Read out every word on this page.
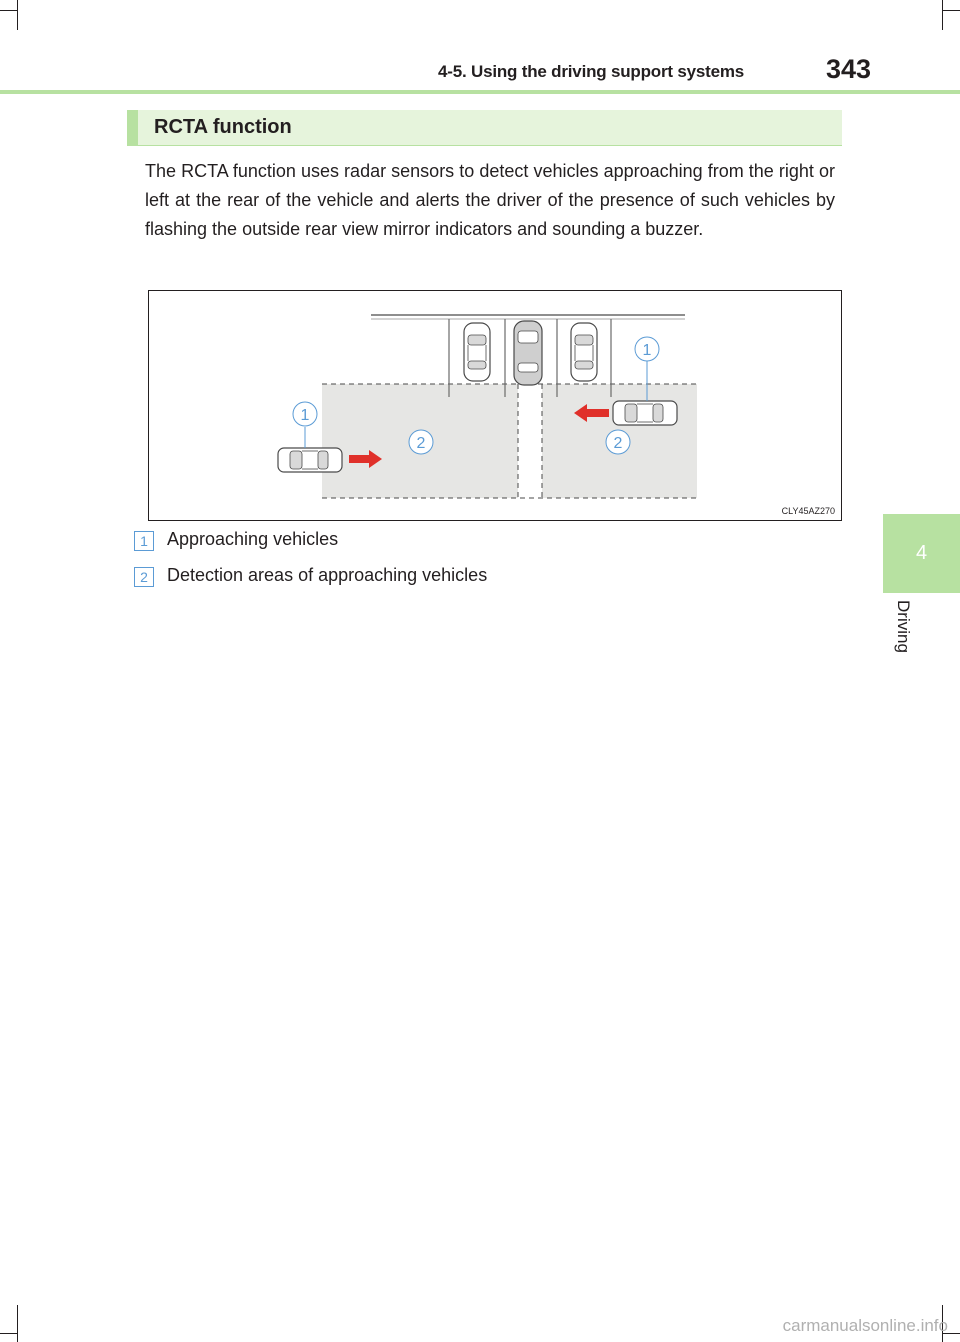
4-5. Using the driving support systems	343
4
Driving
RCTA function
The RCTA function uses radar sensors to detect vehicles approaching from the right or left at the rear of the vehicle and alerts the driver of the presence of such vehicles by flashing the outside rear view mirror indicators and sounding a buzzer.
1
1
2	2
CLY45AZ270
1	Approaching vehicles
2	Detection areas of approaching vehicles
carmanualsonline.info
